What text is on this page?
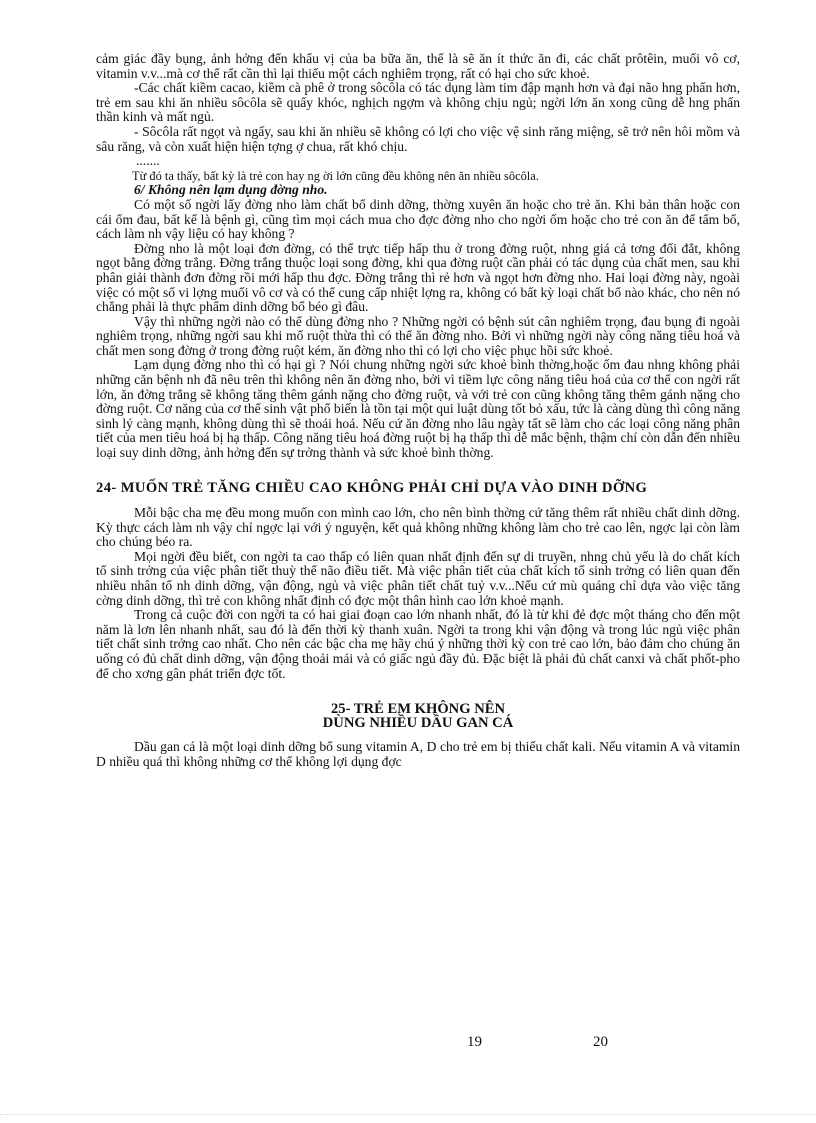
cảm giác đầy bụng, ảnh hởng đến khẩu vị của ba bữa ăn, thế là sẽ ăn ít thức ăn đi, các chất prôtêin, muối vô cơ, vitamin v.v...mà cơ thể rất cần thì lại thiếu một cách nghiêm trọng, rất có hại cho sức khoẻ.

-Các chất kiềm cacao, kiềm cà phê ở trong sôcôla có tác dụng làm tim đập mạnh hơn và đại não hng phấn hơn, trẻ em sau khi ăn nhiều sôcôla sẽ quấy khóc, nghịch ngợm và không chịu ngủ; ngời lớn ăn xong cũng dễ hng phấn thần kinh và mất ngủ.

- Sôcôla rất ngọt và ngấy, sau khi ăn nhiều sẽ không có lợi cho việc vệ sinh răng miệng, sẽ trở nên hôi mồm và sâu răng, và còn xuất hiện hiện tợng ợ chua, rất khó chịu.

.......

Từ đó ta thấy, bất kỳ là trẻ con hay ng ời lớn cũng đều không nên ăn nhiều sôcôla.

6/ Không nên lạm dụng đờng nho.

Có một số ngời lấy đờng nho làm chất bổ dinh dỡng, thờng xuyên ăn hoặc cho trẻ ăn. Khi bản thân hoặc con cái ốm đau, bất kể là bệnh gì, cũng tìm mọi cách mua cho đợc đờng nho cho ngời ốm hoặc cho trẻ con ăn để tẩm bổ, cách làm nh vậy liệu có hay không ?

Đờng nho là một loại đơn đờng, có thể trực tiếp hấp thu ở trong đờng ruột, nhng giá cả tơng đối đắt, không ngọt bằng đờng trắng. Đờng trắng thuộc loại song đờng, khi qua đờng ruột cần phải có tác dụng của chất men, sau khi phân giải thành đơn đờng rồi mới hấp thu đợc. Đờng trắng thì rẻ hơn và ngọt hơn đờng nho. Hai loại đờng này, ngoài việc có một số vi lợng muối vô cơ và có thể cung cấp nhiệt lợng ra, không có bất kỳ loại chất bổ nào khác, cho nên nó chẳng phải là thực phẩm dinh dỡng bổ béo gì đâu.

Vậy thì những ngời nào có thể dùng đờng nho ? Những ngời có bệnh sút cân nghiêm trọng, đau bụng đi ngoài nghiêm trọng, những ngời sau khi mổ ruột thừa thì có thể ăn đờng nho. Bởi vì những ngời này công năng tiêu hoá và chất men song đờng ở trong đờng ruột kém, ăn đờng nho thì có lợi cho việc phục hồi sức khoẻ.

Lạm dụng đờng nho thì có hại gì ? Nói chung những ngời sức khoẻ bình thờng,hoặc ốm đau nhng không phải những căn bệnh nh đã nêu trên thì không nên ăn đờng nho, bởi vì tiềm lực công năng tiêu hoá của cơ thể con ngời rất lớn, ăn đờng trắng sẽ không tăng thêm gánh nặng cho đờng ruột, và với trẻ con cũng không tăng thêm gánh nặng cho đờng ruột. Cơ năng của cơ thể sinh vật phổ biến là tồn tại một qui luật dùng tốt bỏ xấu, tức là càng dùng thì công năng sinh lý càng mạnh, không dùng thì sẽ thoái hoá. Nếu cứ ăn đờng nho lâu ngày tất sẽ làm cho các loại công năng phân tiết của men tiêu hoá bị hạ thấp. Công năng tiêu hoá đờng ruột bị hạ thấp thì dễ mắc bệnh, thậm chí còn dẫn đến nhiều loại suy dinh dỡng, ảnh hởng đến sự trởng thành và sức khoẻ bình thờng.

24- MUỐN TRẺ TĂNG CHIỀU CAO KHÔNG PHẢI CHỈ DỰA VÀO DINH DỠNG

Mỗi bậc cha mẹ đều mong muốn con mình cao lớn, cho nên bình thờng cứ tăng thêm rất nhiều chất dinh dỡng. Kỳ thực cách làm nh vậy chỉ ngợc lại với ý nguyện, kết quả không những không làm cho trẻ cao lên, ngợc lại còn làm cho chúng béo ra.

Mọi ngời đều biết, con ngời ta cao thấp có liên quan nhất định đến sự di truyền, nhng chủ yếu là do chất kích tố sinh trởng của việc phân tiết thuỳ thể não điều tiết. Mà việc phân tiết của chất kích tố sinh trởng có liên quan đến nhiều nhân tố nh dinh dỡng, vận động, ngủ và việc phân tiết chất tuỷ v.v...Nếu cứ mù quáng chỉ dựa vào việc tăng cờng dinh dỡng, thì trẻ con không nhất định có đợc một thân hình cao lớn khoẻ mạnh.

Trong cả cuộc đời con ngời ta có hai giai đoạn cao lớn nhanh nhất, đó là từ khi đẻ đợc một tháng cho đến một năm là lơn lên nhanh nhất, sau đó là đến thời kỳ thanh xuân. Ngời ta trong khi vận động và trong lúc ngủ việc phân tiết chất sinh trởng cao nhất. Cho nên các bậc cha mẹ hãy chú ý những thời kỳ con trẻ cao lớn, bảo đảm cho chúng ăn uống có đủ chất dinh dỡng, vận động thoải mái và có giấc ngủ đầy đủ. Đặc biệt là phải đủ chất canxi và chất phốt-pho để cho xơng gân phát triển đợc tốt.

25- TRẺ EM KHÔNG NÊN
DÙNG NHIỀU DẦU GAN CÁ

Dầu gan cá là một loại dinh dỡng bổ sung vitamin A, D cho trẻ em bị thiếu chất kali. Nếu vitamin A và vitamin D nhiều quá thì không những cơ thể không lợi dụng đợc

19	20
